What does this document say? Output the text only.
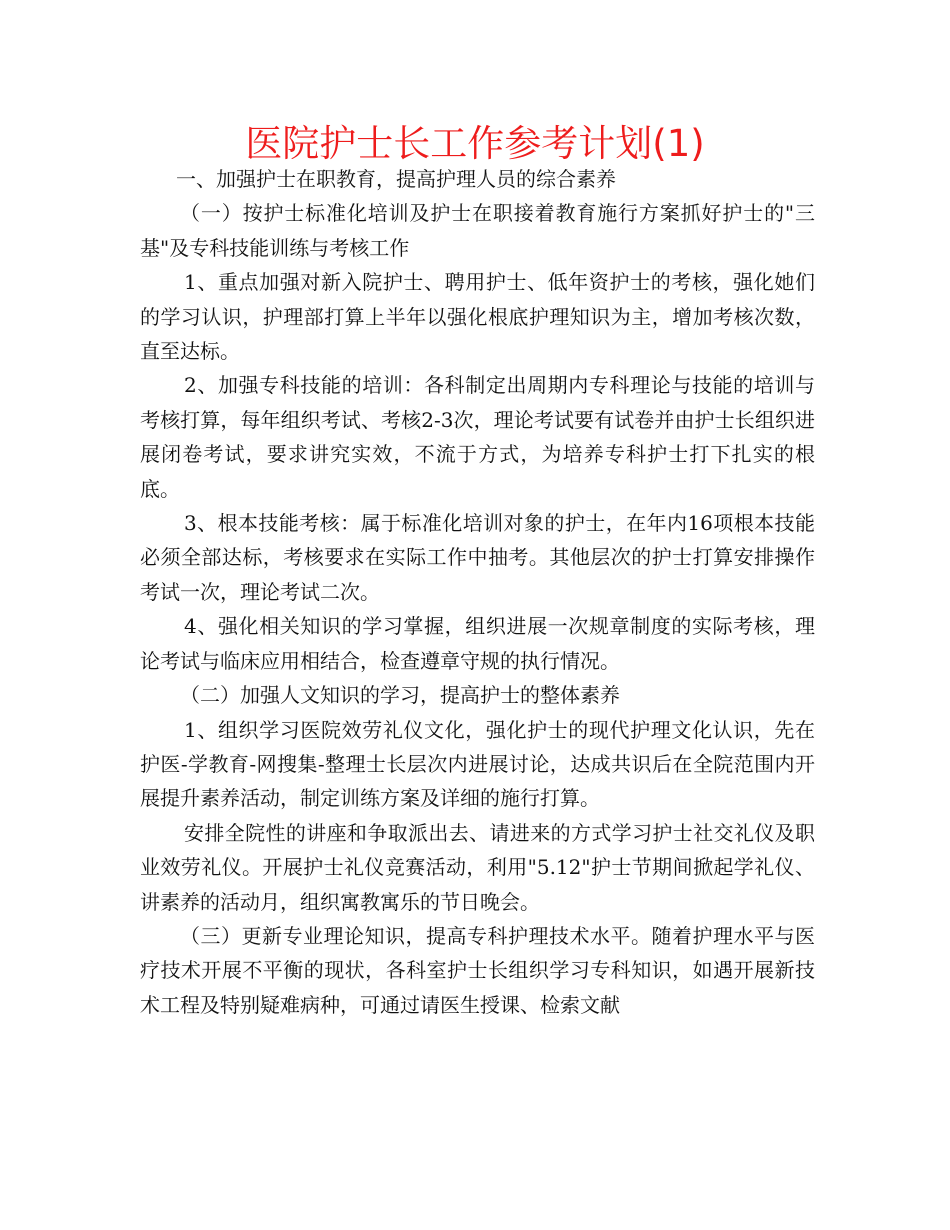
医院护士长工作参考计划(1)

一、加强护士在职教育，提高护理人员的综合素养

（一）按护士标准化培训及护士在职接着教育施行方案抓好护士的"三基"及专科技能训练与考核工作

1、重点加强对新入院护士、聘用护士、低年资护士的考核，强化她们的学习认识，护理部打算上半年以强化根底护理知识为主，增加考核次数，直至达标。

2、加强专科技能的培训：各科制定出周期内专科理论与技能的培训与考核打算，每年组织考试、考核2-3次，理论考试要有试卷并由护士长组织进展闭卷考试，要求讲究实效，不流于方式，为培养专科护士打下扎实的根底。

3、根本技能考核：属于标准化培训对象的护士，在年内16项根本技能必须全部达标，考核要求在实际工作中抽考。其他层次的护士打算安排操作考试一次，理论考试二次。

4、强化相关知识的学习掌握，组织进展一次规章制度的实际考核，理论考试与临床应用相结合，检查遵章守规的执行情况。

（二）加强人文知识的学习，提高护士的整体素养

1、组织学习医院效劳礼仪文化，强化护士的现代护理文化认识，先在护医-学教育-网搜集-整理士长层次内进展讨论，达成共识后在全院范围内开展提升素养活动，制定训练方案及详细的施行打算。

安排全院性的讲座和争取派出去、请进来的方式学习护士社交礼仪及职业效劳礼仪。开展护士礼仪竞赛活动，利用"5.12"护士节期间掀起学礼仪、讲素养的活动月，组织寓教寓乐的节日晚会。

（三）更新专业理论知识，提高专科护理技术水平。随着护理水平与医疗技术开展不平衡的现状，各科室护士长组织学习专科知识，如遇开展新技术工程及特别疑难病种，可通过请医生授课、检索文献
